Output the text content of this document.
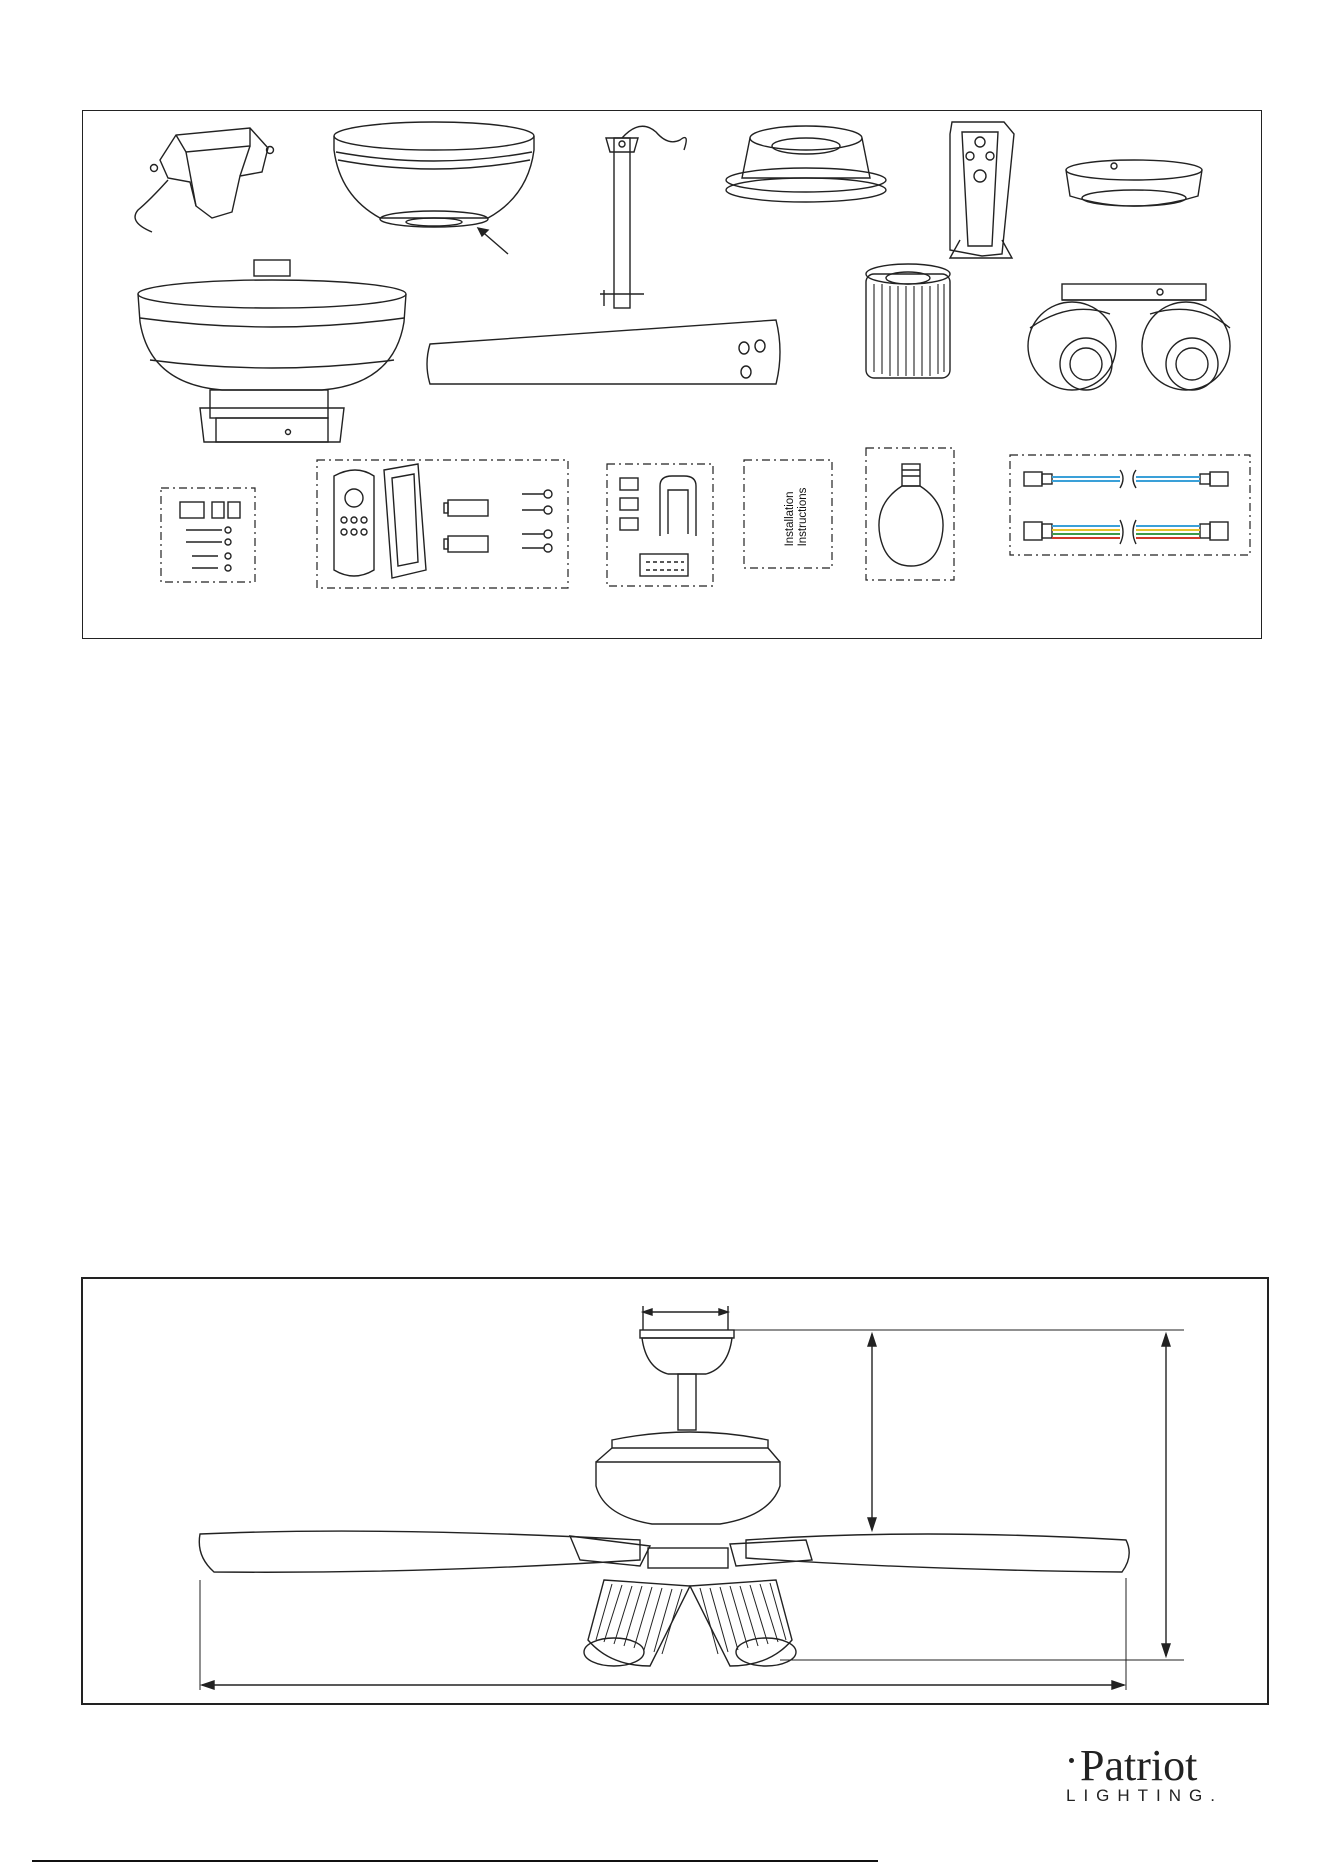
Installation Instructions
Patriot
LIGHTING.
